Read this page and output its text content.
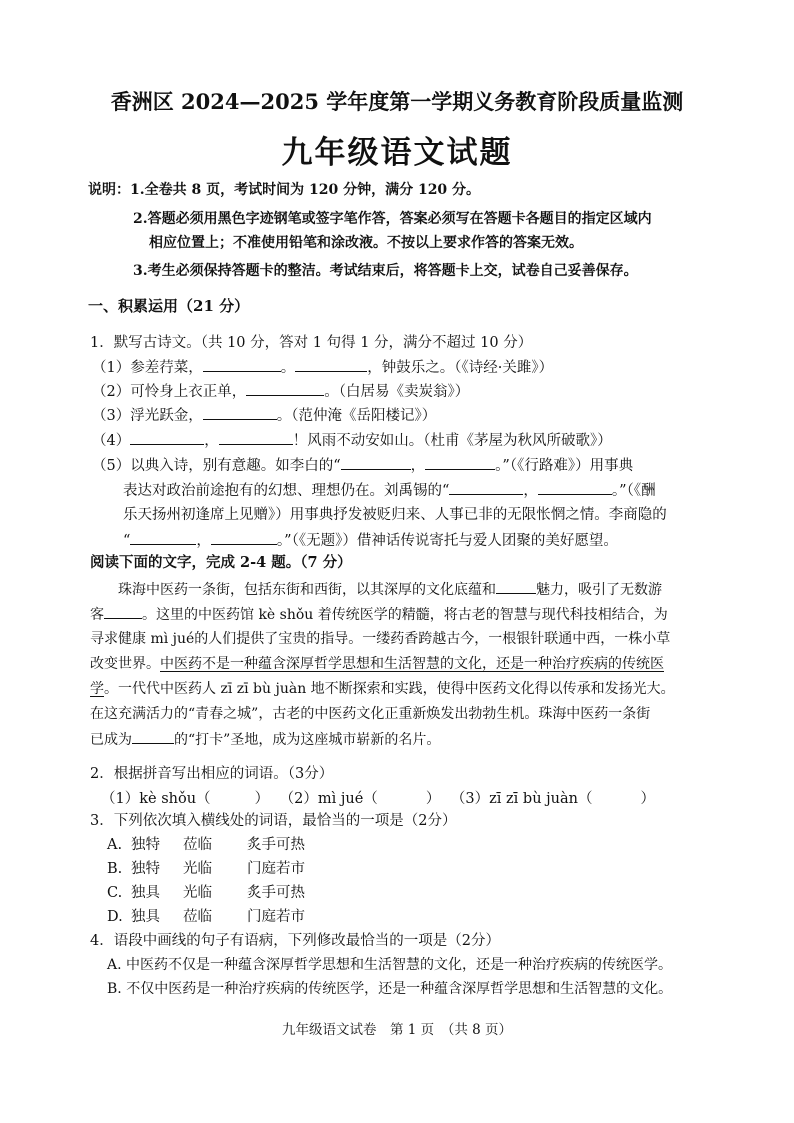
香洲区 2024—2025 学年度第一学期义务教育阶段质量监测
九年级语文试题
说明：1.全卷共 8 页，考试时间为 120 分钟，满分 120 分。
2.答题必须用黑色字迹钢笔或签字笔作答，答案必须写在答题卡各题目的指定区域内
相应位置上；不准使用铅笔和涂改液。不按以上要求作答的答案无效。
3.考生必须保持答题卡的整洁。考试结束后，将答题卡上交，试卷自己妥善保存。
一、积累运用（21 分）
1．默写古诗文。（共 10 分，答对 1 句得 1 分，满分不超过 10 分）
（1）参差荇菜，	。	，钟鼓乐之。（《诗经·关雎》）
（2）可怜身上衣正单，	。（白居易《卖炭翁》）
（3）浮光跃金，	。（范仲淹《岳阳楼记》）
（4）	，	！风雨不动安如山。（杜甫《茅屋为秋风所破歌》）
（5）以典入诗，别有意趣。如李白的“	，	。”（《行路难》）用事典
表达对政治前途抱有的幻想、理想仍在。刘禹锡的“	，	。”（《酬
乐天扬州初逢席上见赠》）用事典抒发被贬归来、人事已非的无限怅惘之情。李商隐的
“	，	。”（《无题》）借神话传说寄托与爱人团聚的美好愿望。
阅读下面的文字，完成 2-4 题。（7 分）
珠海中医药一条街，包括东街和西街，以其深厚的文化底蕴和	魅力，吸引了无数游
客	。这里的中医药馆 kè shǒu 着传统医学的精髓，将古老的智慧与现代科技相结合，为
寻求健康 mì jué的人们提供了宝贵的指导。一缕药香跨越古今，一根银针联通中西，一株小草
改变世界。中医药不是一种蕴含深厚哲学思想和生活智慧的文化，还是一种治疗疾病的传统医
学。一代代中医药人 zī zī bù juàn 地不断探索和实践，使得中医药文化得以传承和发扬光大。
在这充满活力的“青春之城”，古老的中医药文化正重新焕发出勃勃生机。珠海中医药一条街
已成为	的“打卡”圣地，成为这座城市崭新的名片。
2．根据拼音写出相应的词语。（3分）
（1）kè shǒu（	） （2）mì jué（	） （3）zī zī bù juàn（	）
3．下列依次填入横线处的词语，最恰当的一项是（2分）
A. 独特 莅临 炙手可热
B. 独特 光临 门庭若市
C. 独具 光临 炙手可热
D. 独具 莅临 门庭若市
4．语段中画线的句子有语病，下列修改最恰当的一项是（2分）
A. 中医药不仅是一种蕴含深厚哲学思想和生活智慧的文化，还是一种治疗疾病的传统医学。
B. 不仅中医药是一种治疗疾病的传统医学，还是一种蕴含深厚哲学思想和生活智慧的文化。
九年级语文试卷　第 1 页　（共 8 页）
